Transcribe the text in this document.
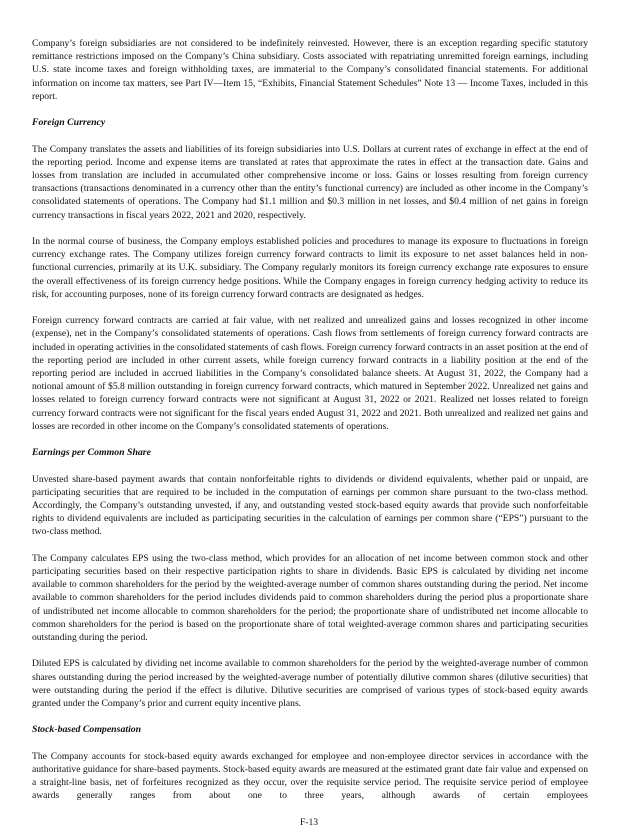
Company’s foreign subsidiaries are not considered to be indefinitely reinvested. However, there is an exception regarding specific statutory remittance restrictions imposed on the Company’s China subsidiary. Costs associated with repatriating unremitted foreign earnings, including U.S. state income taxes and foreign withholding taxes, are immaterial to the Company’s consolidated financial statements. For additional information on income tax matters, see Part IV—Item 15, “Exhibits, Financial Statement Schedules” Note 13 — Income Taxes, included in this report.

Foreign Currency

The Company translates the assets and liabilities of its foreign subsidiaries into U.S. Dollars at current rates of exchange in effect at the end of the reporting period. Income and expense items are translated at rates that approximate the rates in effect at the transaction date. Gains and losses from translation are included in accumulated other comprehensive income or loss. Gains or losses resulting from foreign currency transactions (transactions denominated in a currency other than the entity’s functional currency) are included as other income in the Company’s consolidated statements of operations. The Company had $1.1 million and $0.3 million in net losses, and $0.4 million of net gains in foreign currency transactions in fiscal years 2022, 2021 and 2020, respectively.

In the normal course of business, the Company employs established policies and procedures to manage its exposure to fluctuations in foreign currency exchange rates. The Company utilizes foreign currency forward contracts to limit its exposure to net asset balances held in non-functional currencies, primarily at its U.K. subsidiary. The Company regularly monitors its foreign currency exchange rate exposures to ensure the overall effectiveness of its foreign currency hedge positions. While the Company engages in foreign currency hedging activity to reduce its risk, for accounting purposes, none of its foreign currency forward contracts are designated as hedges.

Foreign currency forward contracts are carried at fair value, with net realized and unrealized gains and losses recognized in other income (expense), net in the Company’s consolidated statements of operations. Cash flows from settlements of foreign currency forward contracts are included in operating activities in the consolidated statements of cash flows. Foreign currency forward contracts in an asset position at the end of the reporting period are included in other current assets, while foreign currency forward contracts in a liability position at the end of the reporting period are included in accrued liabilities in the Company’s consolidated balance sheets. At August 31, 2022, the Company had a notional amount of $5.8 million outstanding in foreign currency forward contracts, which matured in September 2022. Unrealized net gains and losses related to foreign currency forward contracts were not significant at August 31, 2022 or 2021. Realized net losses related to foreign currency forward contracts were not significant for the fiscal years ended August 31, 2022 and 2021. Both unrealized and realized net gains and losses are recorded in other income on the Company’s consolidated statements of operations.

Earnings per Common Share

Unvested share-based payment awards that contain nonforfeitable rights to dividends or dividend equivalents, whether paid or unpaid, are participating securities that are required to be included in the computation of earnings per common share pursuant to the two-class method. Accordingly, the Company’s outstanding unvested, if any, and outstanding vested stock-based equity awards that provide such nonforfeitable rights to dividend equivalents are included as participating securities in the calculation of earnings per common share (“EPS”) pursuant to the two-class method.

The Company calculates EPS using the two-class method, which provides for an allocation of net income between common stock and other participating securities based on their respective participation rights to share in dividends. Basic EPS is calculated by dividing net income available to common shareholders for the period by the weighted-average number of common shares outstanding during the period. Net income available to common shareholders for the period includes dividends paid to common shareholders during the period plus a proportionate share of undistributed net income allocable to common shareholders for the period; the proportionate share of undistributed net income allocable to common shareholders for the period is based on the proportionate share of total weighted-average common shares and participating securities outstanding during the period.

Diluted EPS is calculated by dividing net income available to common shareholders for the period by the weighted-average number of common shares outstanding during the period increased by the weighted-average number of potentially dilutive common shares (dilutive securities) that were outstanding during the period if the effect is dilutive. Dilutive securities are comprised of various types of stock-based equity awards granted under the Company’s prior and current equity incentive plans.

Stock-based Compensation

The Company accounts for stock-based equity awards exchanged for employee and non-employee director services in accordance with the authoritative guidance for share-based payments. Stock-based equity awards are measured at the estimated grant date fair value and expensed on a straight-line basis, net of forfeitures recognized as they occur, over the requisite service period. The requisite service period of employee awards generally ranges from about one to three years, although awards of certain employees

F-13
